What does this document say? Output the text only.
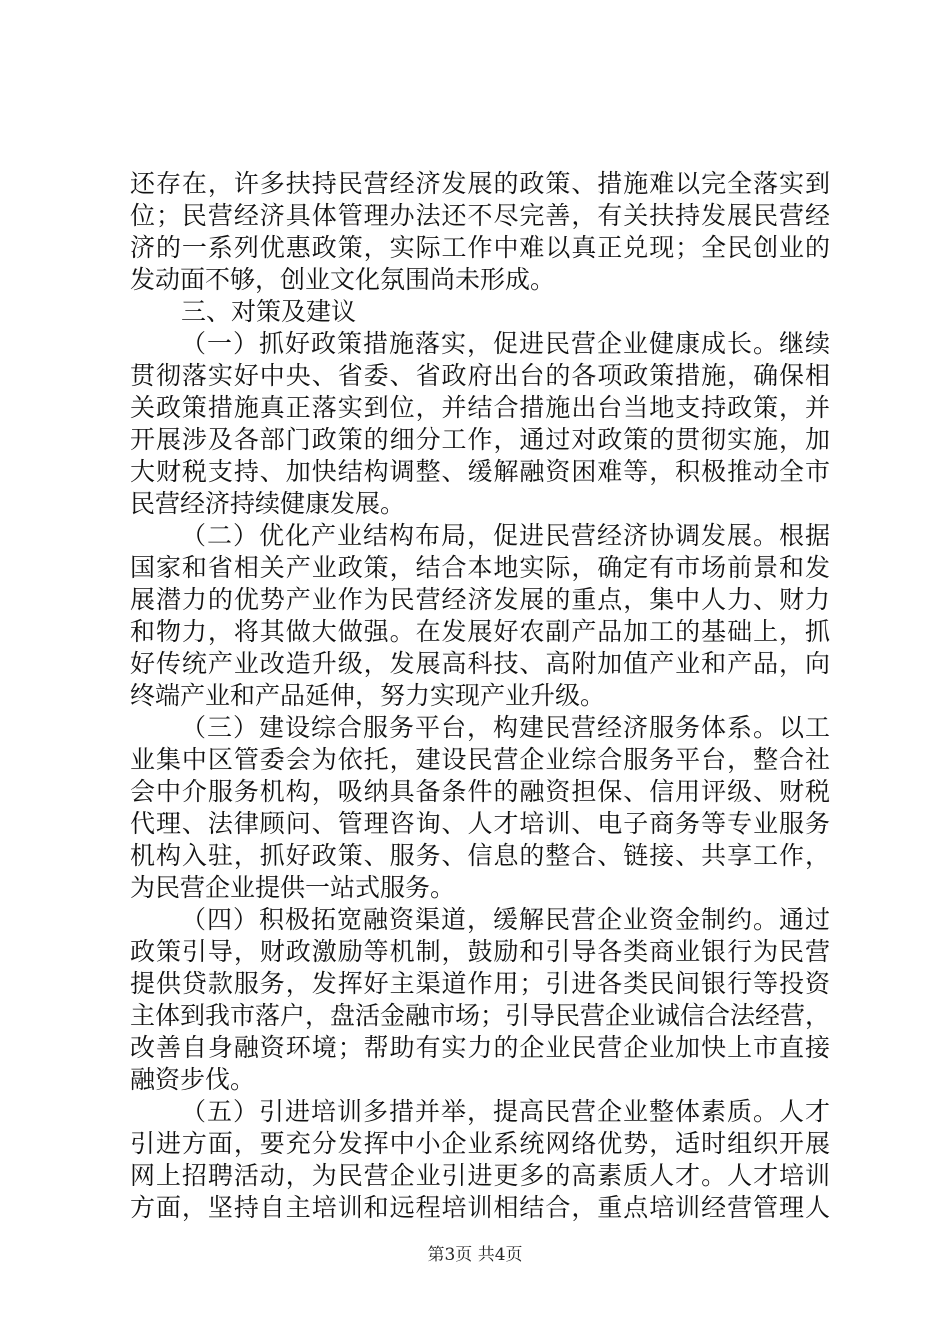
还存在，许多扶持民营经济发展的政策、措施难以完全落实到
位；民营经济具体管理办法还不尽完善，有关扶持发展民营经
济的一系列优惠政策，实际工作中难以真正兑现；全民创业的
发动面不够，创业文化氛围尚未形成。
三、对策及建议
（一）抓好政策措施落实，促进民营企业健康成长。继续
贯彻落实好中央、省委、省政府出台的各项政策措施，确保相
关政策措施真正落实到位，并结合措施出台当地支持政策，并
开展涉及各部门政策的细分工作，通过对政策的贯彻实施，加
大财税支持、加快结构调整、缓解融资困难等，积极推动全市
民营经济持续健康发展。
（二）优化产业结构布局，促进民营经济协调发展。根据
国家和省相关产业政策，结合本地实际，确定有市场前景和发
展潜力的优势产业作为民营经济发展的重点，集中人力、财力
和物力，将其做大做强。在发展好农副产品加工的基础上，抓
好传统产业改造升级，发展高科技、高附加值产业和产品，向
终端产业和产品延伸，努力实现产业升级。
（三）建设综合服务平台，构建民营经济服务体系。以工
业集中区管委会为依托，建设民营企业综合服务平台，整合社
会中介服务机构，吸纳具备条件的融资担保、信用评级、财税
代理、法律顾问、管理咨询、人才培训、电子商务等专业服务
机构入驻，抓好政策、服务、信息的整合、链接、共享工作，
为民营企业提供一站式服务。
（四）积极拓宽融资渠道，缓解民营企业资金制约。通过
政策引导，财政激励等机制，鼓励和引导各类商业银行为民营
提供贷款服务，发挥好主渠道作用；引进各类民间银行等投资
主体到我市落户，盘活金融市场；引导民营企业诚信合法经营，
改善自身融资环境；帮助有实力的企业民营企业加快上市直接
融资步伐。
（五）引进培训多措并举，提高民营企业整体素质。人才
引进方面，要充分发挥中小企业系统网络优势，适时组织开展
网上招聘活动，为民营企业引进更多的高素质人才。人才培训
方面，坚持自主培训和远程培训相结合，重点培训经营管理人
第3页 共4页
